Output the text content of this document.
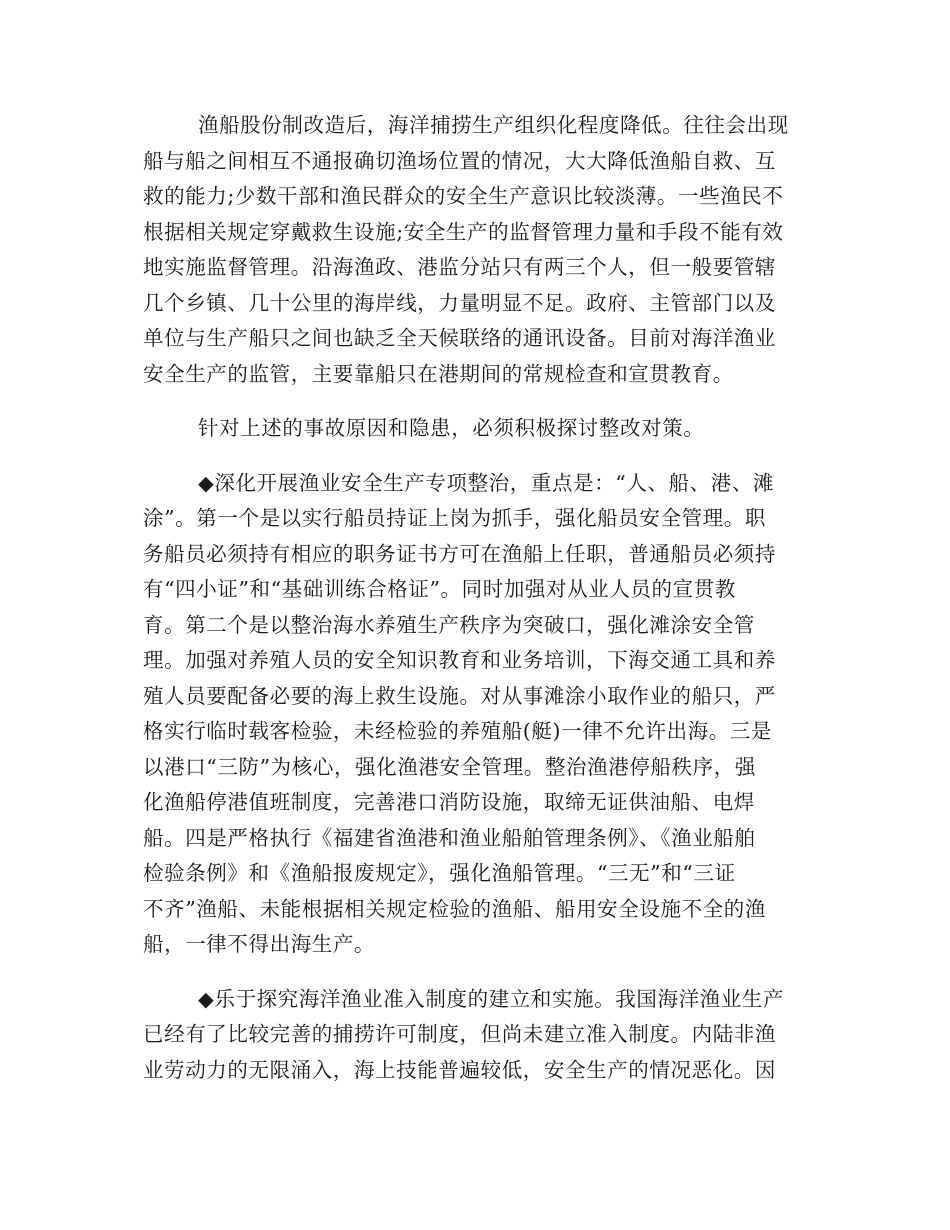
渔船股份制改造后，海洋捕捞生产组织化程度降低。往往会出现
船与船之间相互不通报确切渔场位置的情况，大大降低渔船自救、互
救的能力;少数干部和渔民群众的安全生产意识比较淡薄。一些渔民不
根据相关规定穿戴救生设施;安全生产的监督管理力量和手段不能有效
地实施监督管理。沿海渔政、港监分站只有两三个人，但一般要管辖
几个乡镇、几十公里的海岸线，力量明显不足。政府、主管部门以及
单位与生产船只之间也缺乏全天候联络的通讯设备。目前对海洋渔业
安全生产的监管，主要靠船只在港期间的常规检查和宣贯教育。
针对上述的事故原因和隐患，必须积极探讨整改对策。
◆深化开展渔业安全生产专项整治，重点是：“人、船、港、滩
涂”。第一个是以实行船员持证上岗为抓手，强化船员安全管理。职
务船员必须持有相应的职务证书方可在渔船上任职，普通船员必须持
有“四小证”和“基础训练合格证”。同时加强对从业人员的宣贯教
育。第二个是以整治海水养殖生产秩序为突破口，强化滩涂安全管
理。加强对养殖人员的安全知识教育和业务培训，下海交通工具和养
殖人员要配备必要的海上救生设施。对从事滩涂小取作业的船只，严
格实行临时载客检验，未经检验的养殖船(艇)一律不允许出海。三是
以港口“三防”为核心，强化渔港安全管理。整治渔港停船秩序，强
化渔船停港值班制度，完善港口消防设施，取缔无证供油船、电焊
船。四是严格执行《福建省渔港和渔业船舶管理条例》、《渔业船舶
检验条例》和《渔船报废规定》，强化渔船管理。“三无”和“三证
不齐”渔船、未能根据相关规定检验的渔船、船用安全设施不全的渔
船，一律不得出海生产。
◆乐于探究海洋渔业准入制度的建立和实施。我国海洋渔业生产
已经有了比较完善的捕捞许可制度，但尚未建立准入制度。内陆非渔
业劳动力的无限涌入，海上技能普遍较低，安全生产的情况恶化。因
